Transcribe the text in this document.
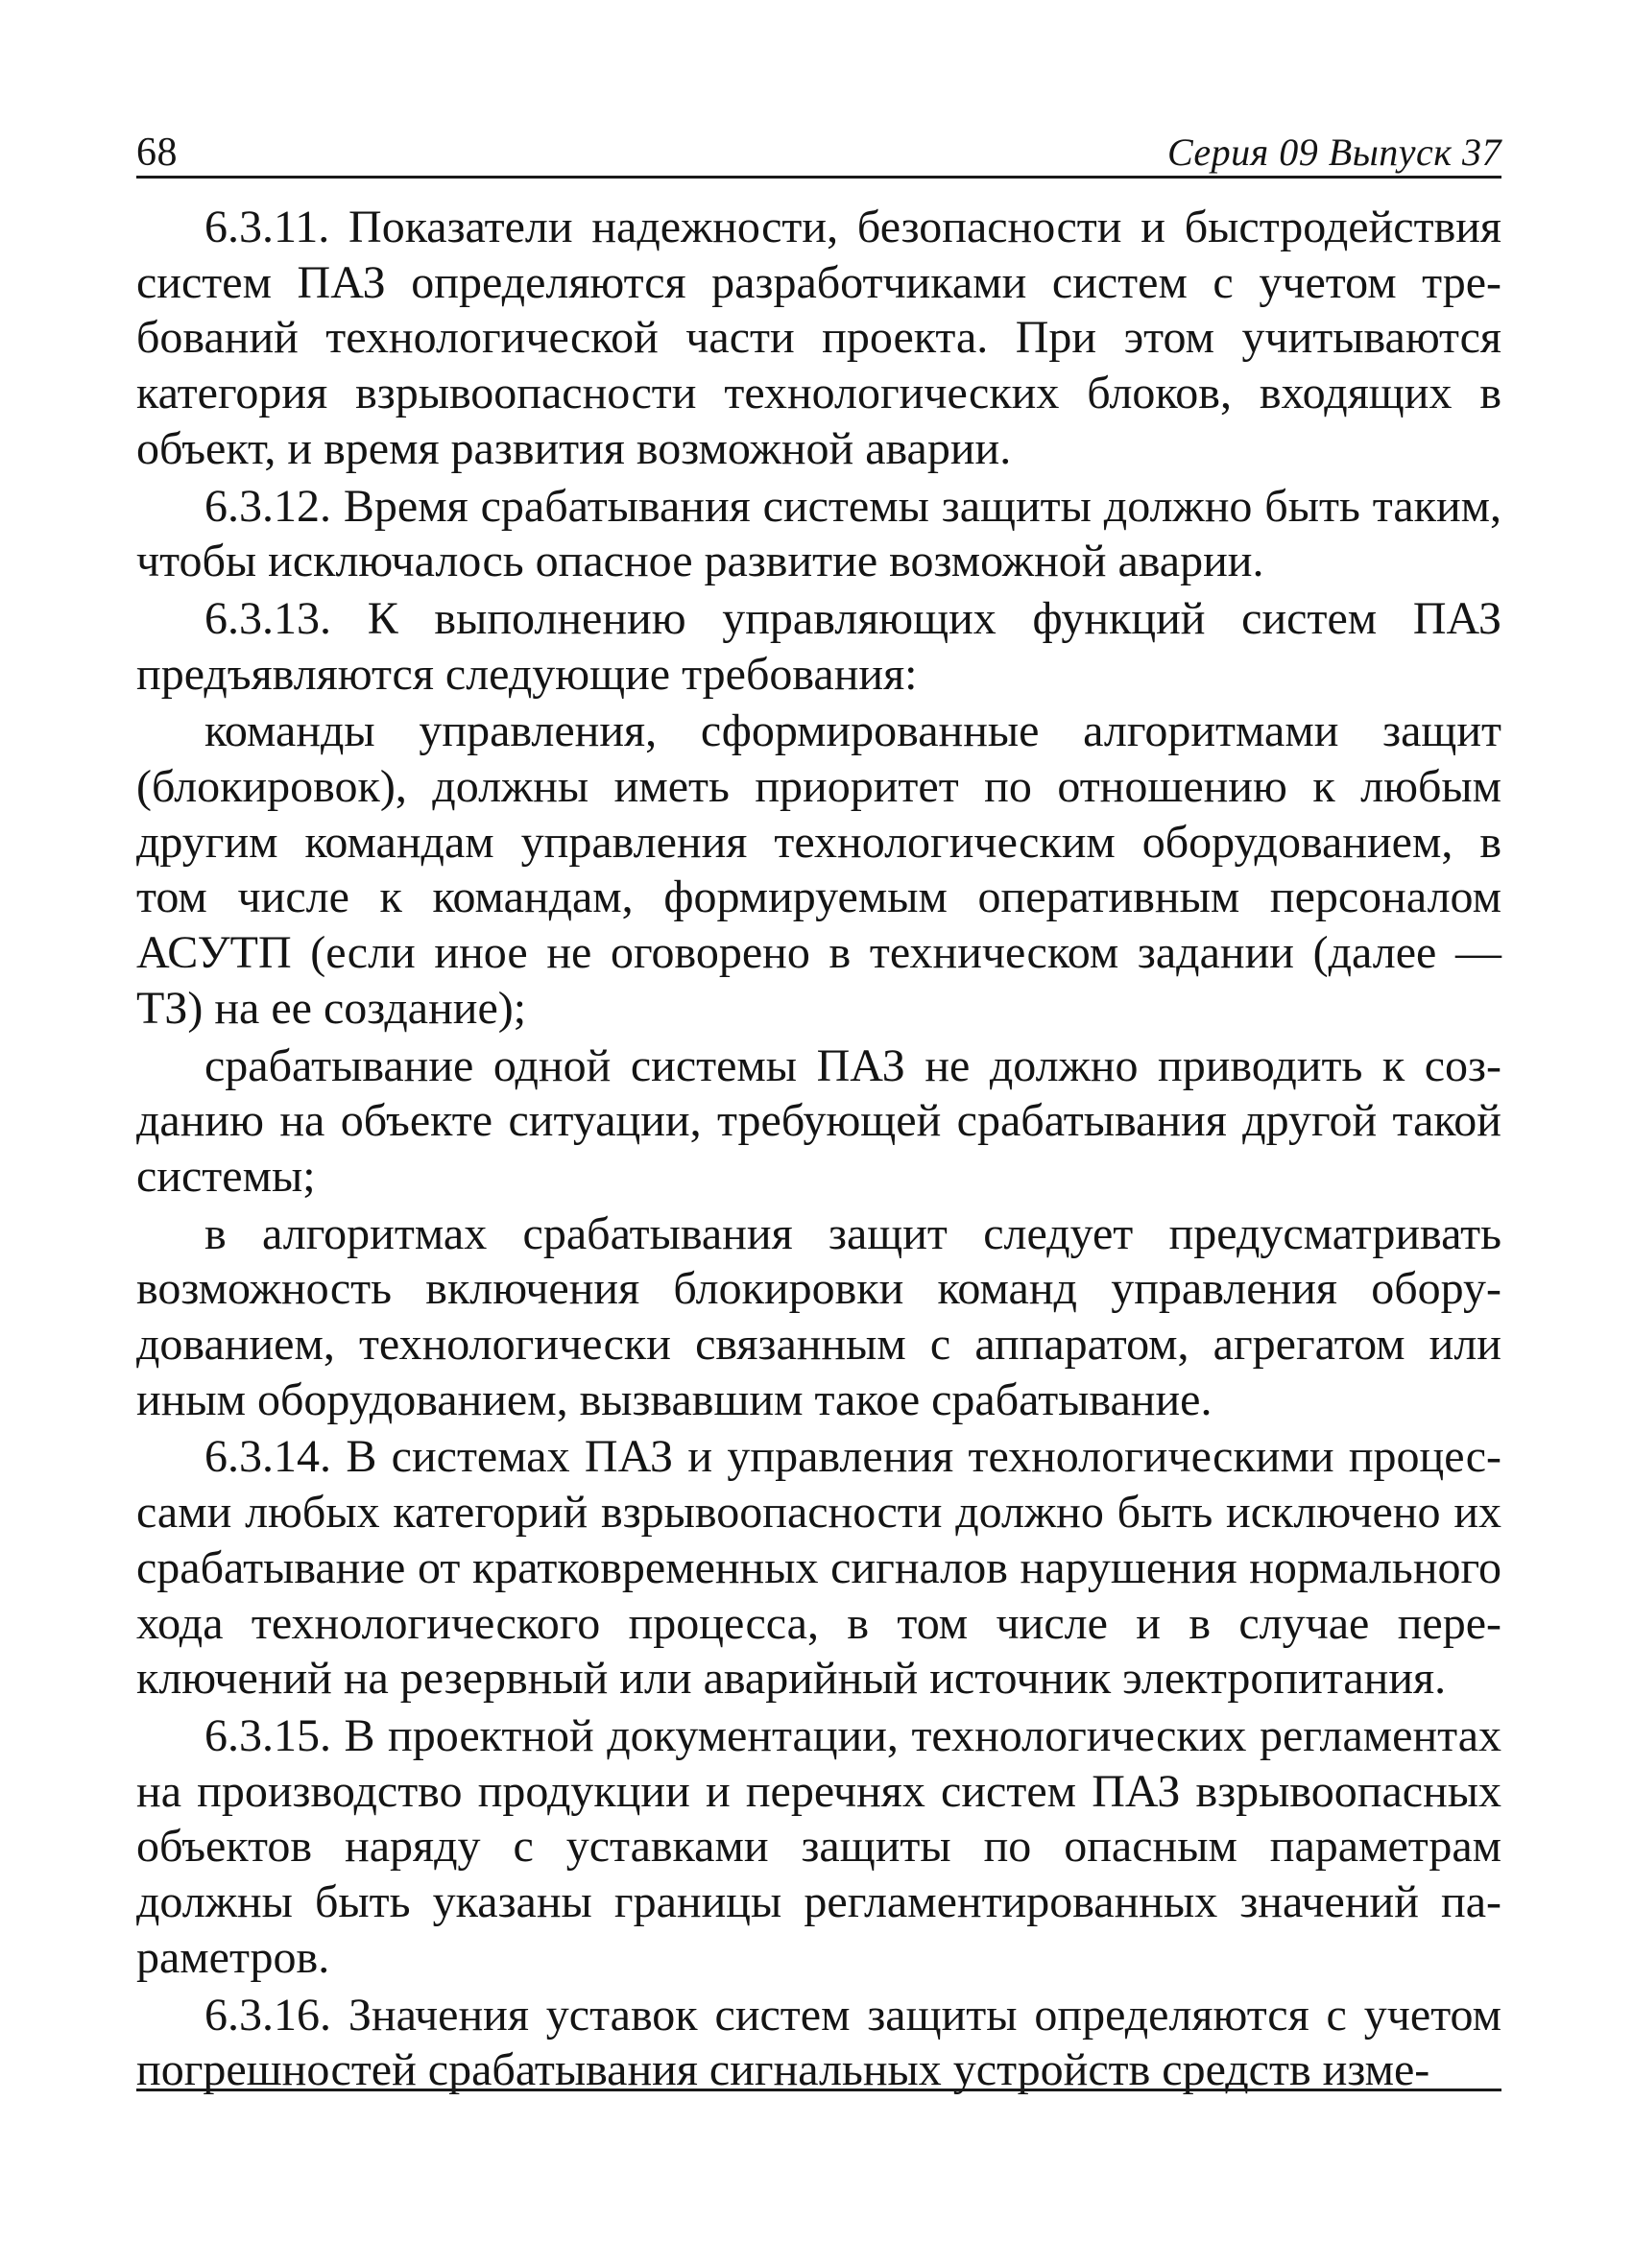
68	Серия 09 Выпуск 37

6.3.11. Показатели надежности, безопасности и быстродействия систем ПАЗ определяются разработчиками систем с учетом требований технологической части проекта. При этом учитываются категория взрывоопасности технологических блоков, входящих в объект, и время развития возможной аварии.

6.3.12. Время срабатывания системы защиты должно быть таким, чтобы исключалось опасное развитие возможной аварии.

6.3.13. К выполнению управляющих функций систем ПАЗ предъявляются следующие требования:

команды управления, сформированные алгоритмами защит (блокировок), должны иметь приоритет по отношению к любым другим командам управления технологическим оборудованием, в том числе к командам, формируемым оперативным персоналом АСУТП (если иное не оговорено в техническом задании (далее — ТЗ) на ее создание);

срабатывание одной системы ПАЗ не должно приводить к созданию на объекте ситуации, требующей срабатывания другой такой системы;

в алгоритмах срабатывания защит следует предусматривать возможность включения блокировки команд управления оборудованием, технологически связанным с аппаратом, агрегатом или иным оборудованием, вызвавшим такое срабатывание.

6.3.14. В системах ПАЗ и управления технологическими процессами любых категорий взрывоопасности должно быть исключено их срабатывание от кратковременных сигналов нарушения нормального хода технологического процесса, в том числе и в случае переключений на резервный или аварийный источник электропитания.

6.3.15. В проектной документации, технологических регламентах на производство продукции и перечнях систем ПАЗ взрывоопасных объектов наряду с уставками защиты по опасным параметрам должны быть указаны границы регламентированных значений параметров.

6.3.16. Значения уставок систем защиты определяются с учетом погрешностей срабатывания сигнальных устройств средств изме-
